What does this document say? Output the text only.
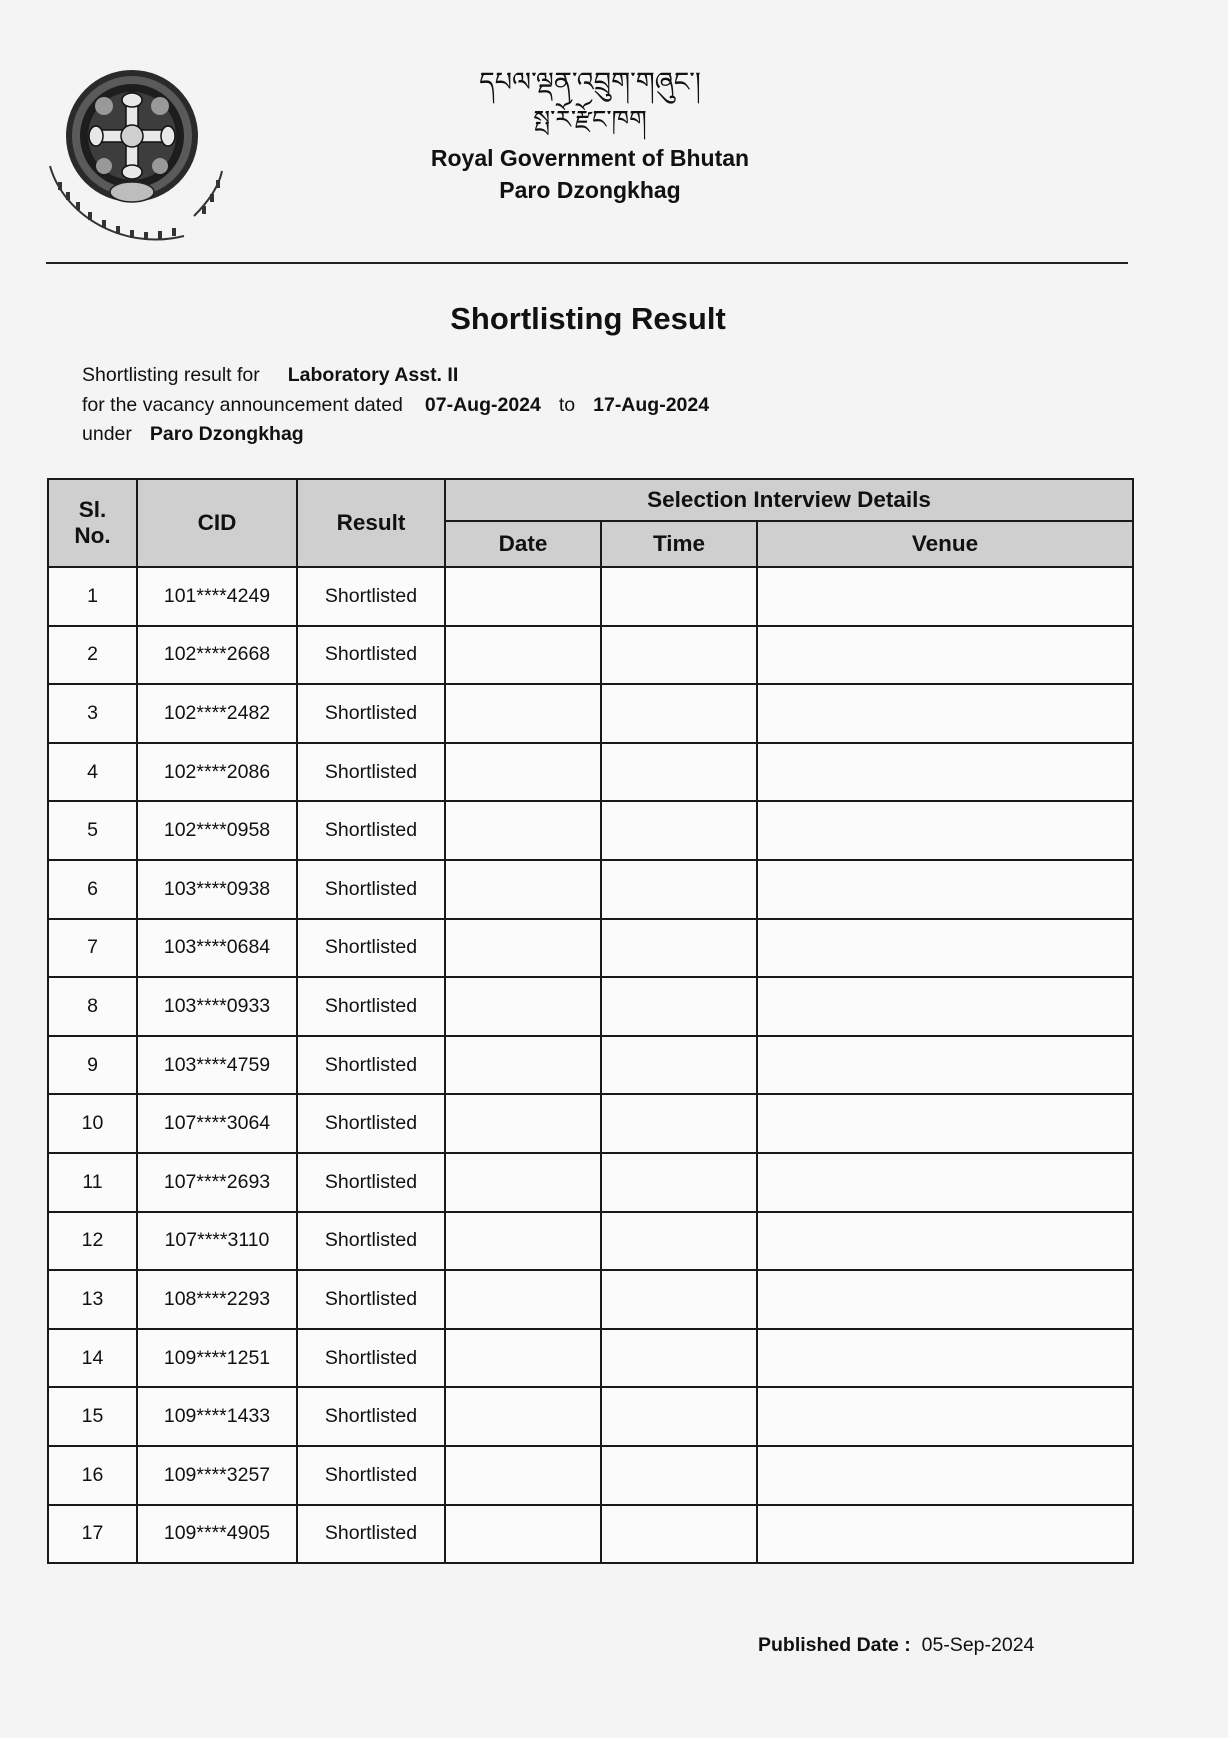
དཔལ་ལྡན་འབྲུག་གཞུང་།
སྤ་རོ་རྫོང་ཁག
Royal Government of Bhutan
Paro Dzongkhag
Shortlisting Result
Shortlisting result for Laboratory Asst. II
for the vacancy announcement dated 07-Aug-2024 to 17-Aug-2024
under Paro Dzongkhag
Sl.
No.	CID	Result	Selection Interview Details		
			Date	Time	Venue
1	101****4249	Shortlisted			
2	102****2668	Shortlisted			
3	102****2482	Shortlisted			
4	102****2086	Shortlisted			
5	102****0958	Shortlisted			
6	103****0938	Shortlisted			
7	103****0684	Shortlisted			
8	103****0933	Shortlisted			
9	103****4759	Shortlisted			
10	107****3064	Shortlisted			
11	107****2693	Shortlisted			
12	107****3110	Shortlisted			
13	108****2293	Shortlisted			
14	109****1251	Shortlisted			
15	109****1433	Shortlisted			
16	109****3257	Shortlisted			
17	109****4905	Shortlisted			
Published Date : 05-Sep-2024
